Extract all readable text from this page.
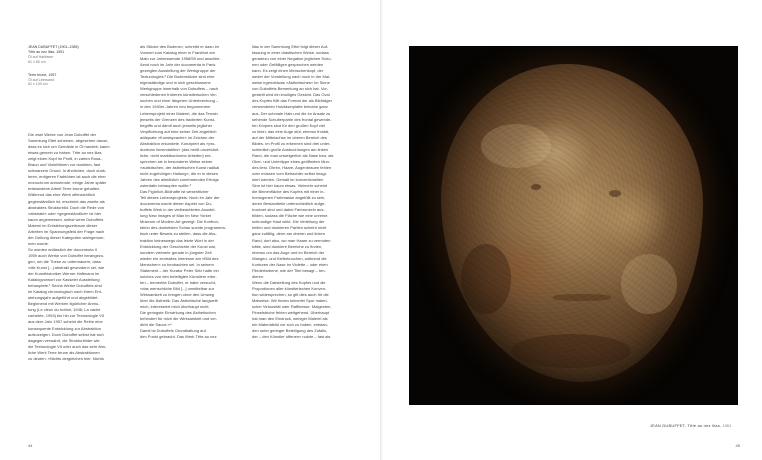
JEAN DUBUFFET (1901–1985)
Tête au nez lilas, 1951
Öl auf Hartfaser
81 x 65 cm
Terre brune, 1957
Öl auf Leinwand
81 x 100 cm
Die zwei Werke von Jean Dubuffet der
Sammlung Ettel scheinen, abgesehen davon,
dass es sich um Gemälde in Öl handelt, kaum
etwas gemein zu haben. Tête au nez lilas
zeigt einen Kopf im Profil, in zarten Rosa-,
Braun und Violetttönen vor dunklem, fast
schwarzem Grund. In ähnlichen, doch dunk-
leren, erdigeren Farbtönen ist auch die eher
monochrom anmutende, einige Jahre später
entstandene Arbeit Terre brune gehalten.
Während das eine Werk offensichtlich
gegenständlich ist, erscheint das zweite als
abstraktes Strukturbild. Doch die Rede von
»abstrakt« oder »gegenständlich« ist hier
kaum angemessen, selbst wenn Dubuffets
Malerei im Entstehungszeitraum dieser
Arbeiten im Spannungsfeld der Frage nach
der Geltung dieser Kategorien wahrgenom-
men wurde.
So wurden anlässlich der documenta II
1959 auch Werke von Dubuffet herangezo-
gen, um die These zu untermauern, dass
»die Kunst [...] abstrakt geworden« sei, wie
der Kunsthistoriker Werner Haftmann im
Katalogvorwort zur Kasseler Ausstellung
behauptete.¹ Sechs Werke Dubuffets sind
im Katalog chronologisch nach ihrem Ent-
stehungsjahr aufgeführt und abgebildet.
Beginnend mit Werken figürlicher Anmu-
tung (Le vieux du trottoir, 1946; La vache
rachetée, 1954) bis hin zur Texturologie VII
aus dem Jahr 1957 scheint die Reihe eine
konsequente Entwicklung zur Abstraktion
aufzuzeigen. Doch Dubuffet selbst hat sich
dagegen verwahrt, die Strukturbilder wie
die Texturologie VII oder auch das sehr ähn-
liche Werk Terre brune als Abstraktionen
zu deuten: »Nichts dergleichen hier. Nichts
als Stücke des Bodens«, schreibt er dazu im
Vorwort zum Katalog einer in Frankfurt am
Main zur Jahreswende 1958/59 und anschlie-
ßend noch im Jahr der documenta in Paris
gezeigten Ausstellung der Werkgruppe der
Texturologies.² Die Bodenstücke sind eine
eigenständige und in sich geschlossene
Werkgruppe innerhalb von Dubuffets – nach
verschiedenen früheren künstlerischen Ver-
suchen und einer längeren Unterbrechung –
in den 1940er-Jahren neu begonnenem
Lebensprojekt einer Malerei, die das Terrain
jenseits der Grenzen des tradierten Kunst-
begriffs und damit auch jenseits jeglicher
Verpflichtung auf eine seiner Zeit angeblich
adäquate »Kunstsprache« im Zeichen der
Abstraktion erkundete. Konzipiert als »pro-
ductions linvendables« (das heißt unverkäuf-
liche, nicht marktkonforme Arbeiten) ent-
sprechen sie in besonderer Weise seiner
»autistischen, der ästhetischen Kunst radikal
nicht zugehörigen Haltung«, die er in diesen
Jahren des allmählich zunehmenden Erfolgs
ostentativ behaupten wollte.³
Das Figürlich-Bildhafte ist wesentlicher
Teil dieses Lebensprojekts. Noch im Jahr der
documenta wurde dieser Aspekt von Du-
buffets Werk in der vielbeachteten Ausstel-
lung New Images of Man im New Yorker
Museum of Modern Art gezeigt. Die Konfron-
tation des dunkelsten Schau suchte programma-
tisch unter Beweis zu stellen, dass die Abs-
traktion keineswegs das letzte Wort in der
Entwicklung der Geschichte der Kunst war,
sondern vielmehr gerade in jüngster Zeit
wieder ein zentraltes Interesse am »Bild des
Menschen« zu beobachten sei. In seinem
Statement – der Kurator Peter Selz hatte ein
solches von den beteiligten Künstlern erbe-
ten – bemerkte Dubuffet, er habe versucht,
»das menschliche Bild [...] unmittelbar zur
Wirksamkeit zu bringen ohne den Umweg
über die Ästhetik. Das Ästhetische langweilt
mich, interessiert mich überhaupt nicht.
Die geringste Einwirkung des Ästhetischen
behindert für mich die Wirksamkeit und ver-
dirbt die Sauce.«⁴
Damit ist Dubuffets Grundhaltung auf
den Punkt gebracht. Das Werk Tête au nez
lilas in der Sammlung Ettel folgt dieser Auf-
fassung in einer drastischen Weise, sodass
geradezu von einer Negation jeglichen Scho-
nen oder Gefälligen gesprochen werden
kann. Es zeigt einen Menschenkopf, der
weder der Vorstellung nach noch in der Mal-
weise irgendetwas »Ästhetisches« im Sinne
von Dubuffets Bemerkung an sich hat. Vor-
gestellt wird ein knolliges Gesicht. Das Oval
des Kopfes füllt das Format der als Bildträger
verwendeten Holzfaserplatte beinahe ganz
aus. Der schmale Hals und die im Ansatz zu
sehende Schulterpartie des frontal gewende-
ten Körpers sind für den großen Kopf viel
zu klein; das eine Auge stüt, ebenso frontal,
auf der Mittelachse im oberen Bereich des
Bildes. Im Profil zu erkennen sind drei unter-
schiedlich große Ausbuchtungen am linken
Rand, die man unweigerlich als Nase bzw. als
Ober- und Unterlippe eines geöffneten Mun-
des liest. Ohren, Haare, Augenbrauen fehlen
oder müssen vom Betrachter selbst imagi-
niert werden. Gemalt im konventionellen
Sinn ist hier kaum etwas. Vielmehr scheint
die Binnenfläche des Kopfes mit einer in-
homogenen Farbmasse angefüllt zu sein,
deren Bestandteile unterschiedlich aufge-
trocknet sind und dabei Farbrunzeln aus-
bilden, sodass die Fläche wie eine unreine,
schrundige Haut wirkt. Die Verteilung der
hellen und dunkleren Partien scheint nicht
ganz zufällig, denn am oberen und linken
Rand, dort also, wo man Haare zu vermuten
hätte, sind dunklere Bereiche zu finden,
ebenso um das Auge und im Bereich der
Wangen- und Kieferknochen, während die
Konturen der Nase im Violette – oder eben
Fliederfarbene, wie der Titel besagt – ten-
dieren.
Wenn die Darstellung des Kopfes und die
Proportionen aller künstlerischen Konven-
tion widersprechen, so gilt dies auch für die
Malweise. Wir finden keinerlei Spur maleri-
scher Virtuosität oder Raffinesse. Malgesten,
Pinselstriche fehlen weitgehend. Überhaupt
hat man den Eindruck, weniger Malerei als
ein Materialbild vor sich zu haben, entstan-
den unter geringer Beteiligung des Zufalls,
der – den Künstler offenen« nutzte – fast als
44
JEAN DUBUFFET, Tête au nez lilas, 1951
45
